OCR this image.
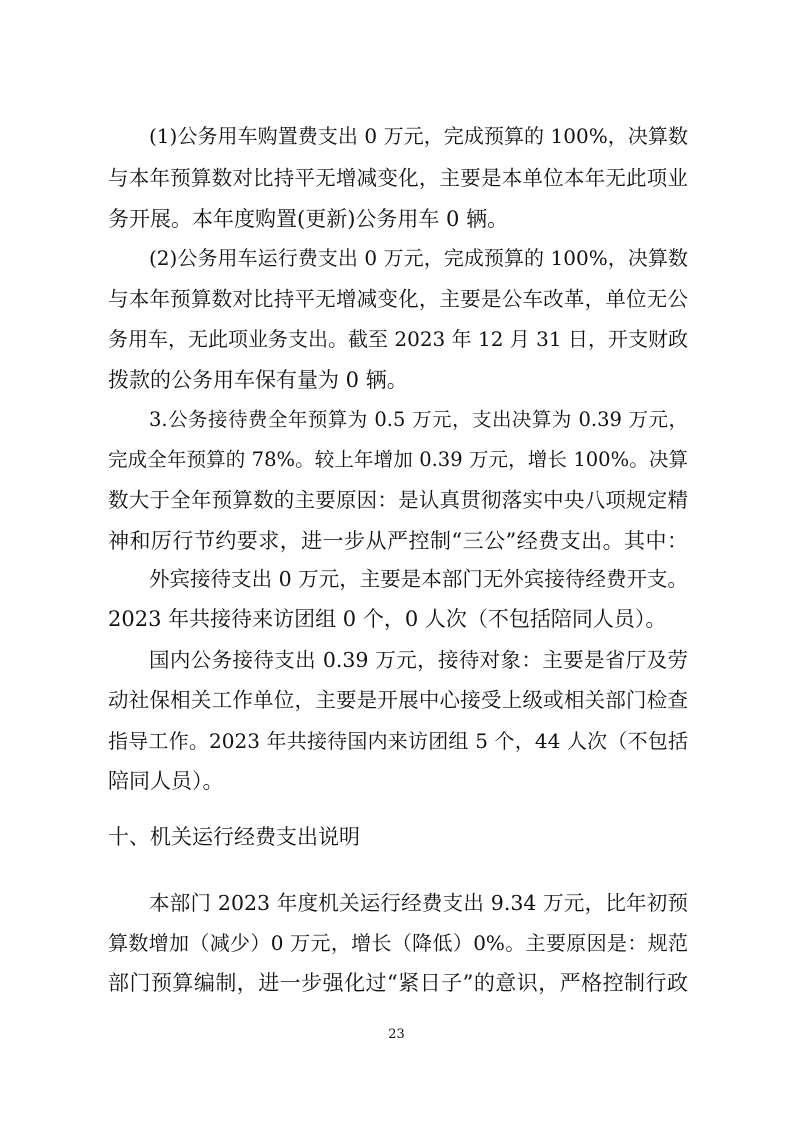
(1)公务用车购置费支出 0 万元，完成预算的 100%，决算数
与本年预算数对比持平无增减变化，主要是本单位本年无此项业
务开展。本年度购置(更新)公务用车 0 辆。
(2)公务用车运行费支出 0 万元，完成预算的 100%，决算数
与本年预算数对比持平无增减变化，主要是公车改革，单位无公
务用车，无此项业务支出。截至 2023 年 12 月 31 日，开支财政
拨款的公务用车保有量为 0 辆。
3.公务接待费全年预算为 0.5 万元，支出决算为 0.39 万元，
完成全年预算的 78%。较上年增加 0.39 万元，增长 100%。决算
数大于全年预算数的主要原因：是认真贯彻落实中央八项规定精
神和厉行节约要求，进一步从严控制“三公”经费支出。其中：
外宾接待支出 0 万元，主要是本部门无外宾接待经费开支。
2023 年共接待来访团组 0 个，0 人次（不包括陪同人员）。
国内公务接待支出 0.39 万元，接待对象：主要是省厅及劳
动社保相关工作单位，主要是开展中心接受上级或相关部门检查
指导工作。2023 年共接待国内来访团组 5 个，44 人次（不包括
陪同人员）。
十、机关运行经费支出说明
本部门 2023 年度机关运行经费支出 9.34 万元，比年初预
算数增加（减少）0 万元，增长（降低）0%。主要原因是：规范
部门预算编制，进一步强化过“紧日子”的意识，严格控制行政
23
